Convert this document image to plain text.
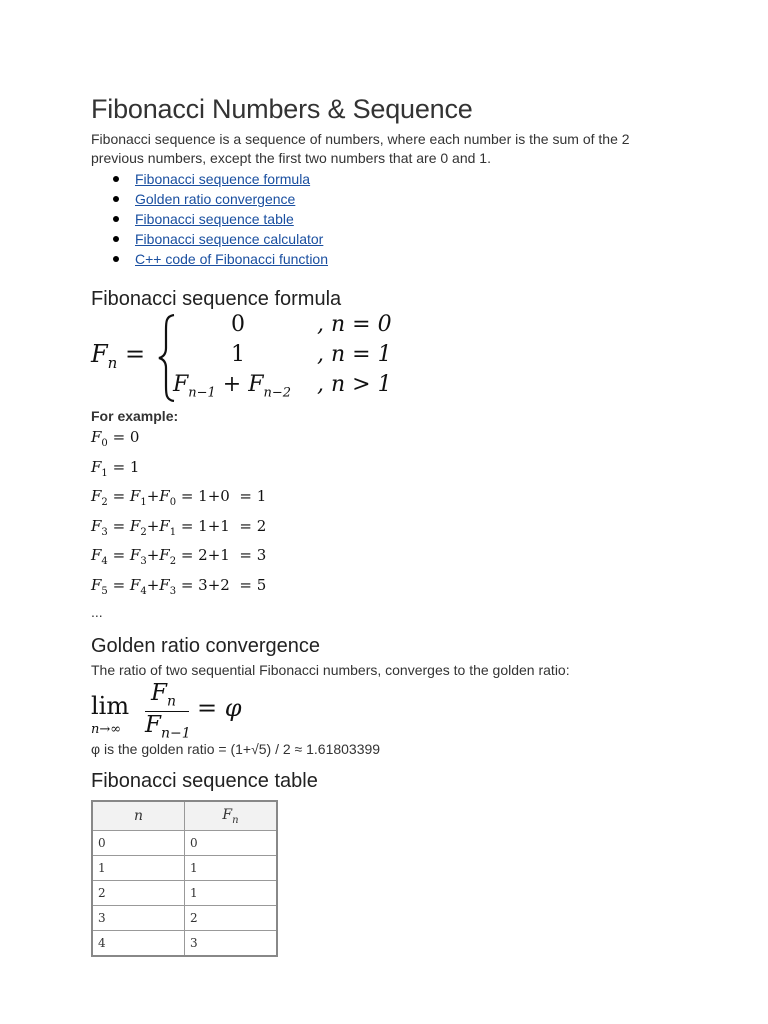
Fibonacci Numbers & Sequence

Fibonacci sequence is a sequence of numbers, where each number is the sum of the 2 previous numbers, except the first two numbers that are 0 and 1.

Fibonacci sequence formula
Golden ratio convergence
Fibonacci sequence table
Fibonacci sequence calculator
C++ code of Fibonacci function
Fibonacci sequence formula
$F_n$ =
0	, n = 0
1	, n = 1
$F_{n-1} + F_{n-2}$ , n > 1

For example:

$F_0 = 0$
$F_1 = 1$
$F_2 = F_1+F_0 = 1+0 = 1$
$F_3 = F_2+F_1 = 1+1 = 2$
$F_4 = F_3+F_2 = 2+1 = 3$
$F_5 = F_4+F_3 = 3+2 = 5$
...
Golden ratio convergence

The ratio of two sequential Fibonacci numbers, converges to the golden ratio:

lim
n→∞
$F_n$
$F_{n-1}$
= φ
φ is the golden ratio = (1+√5) / 2 ≈ 1.61803399
Fibonacci sequence table
n	$F_n$
0	0
1	1
2	1
3	2
4	3
